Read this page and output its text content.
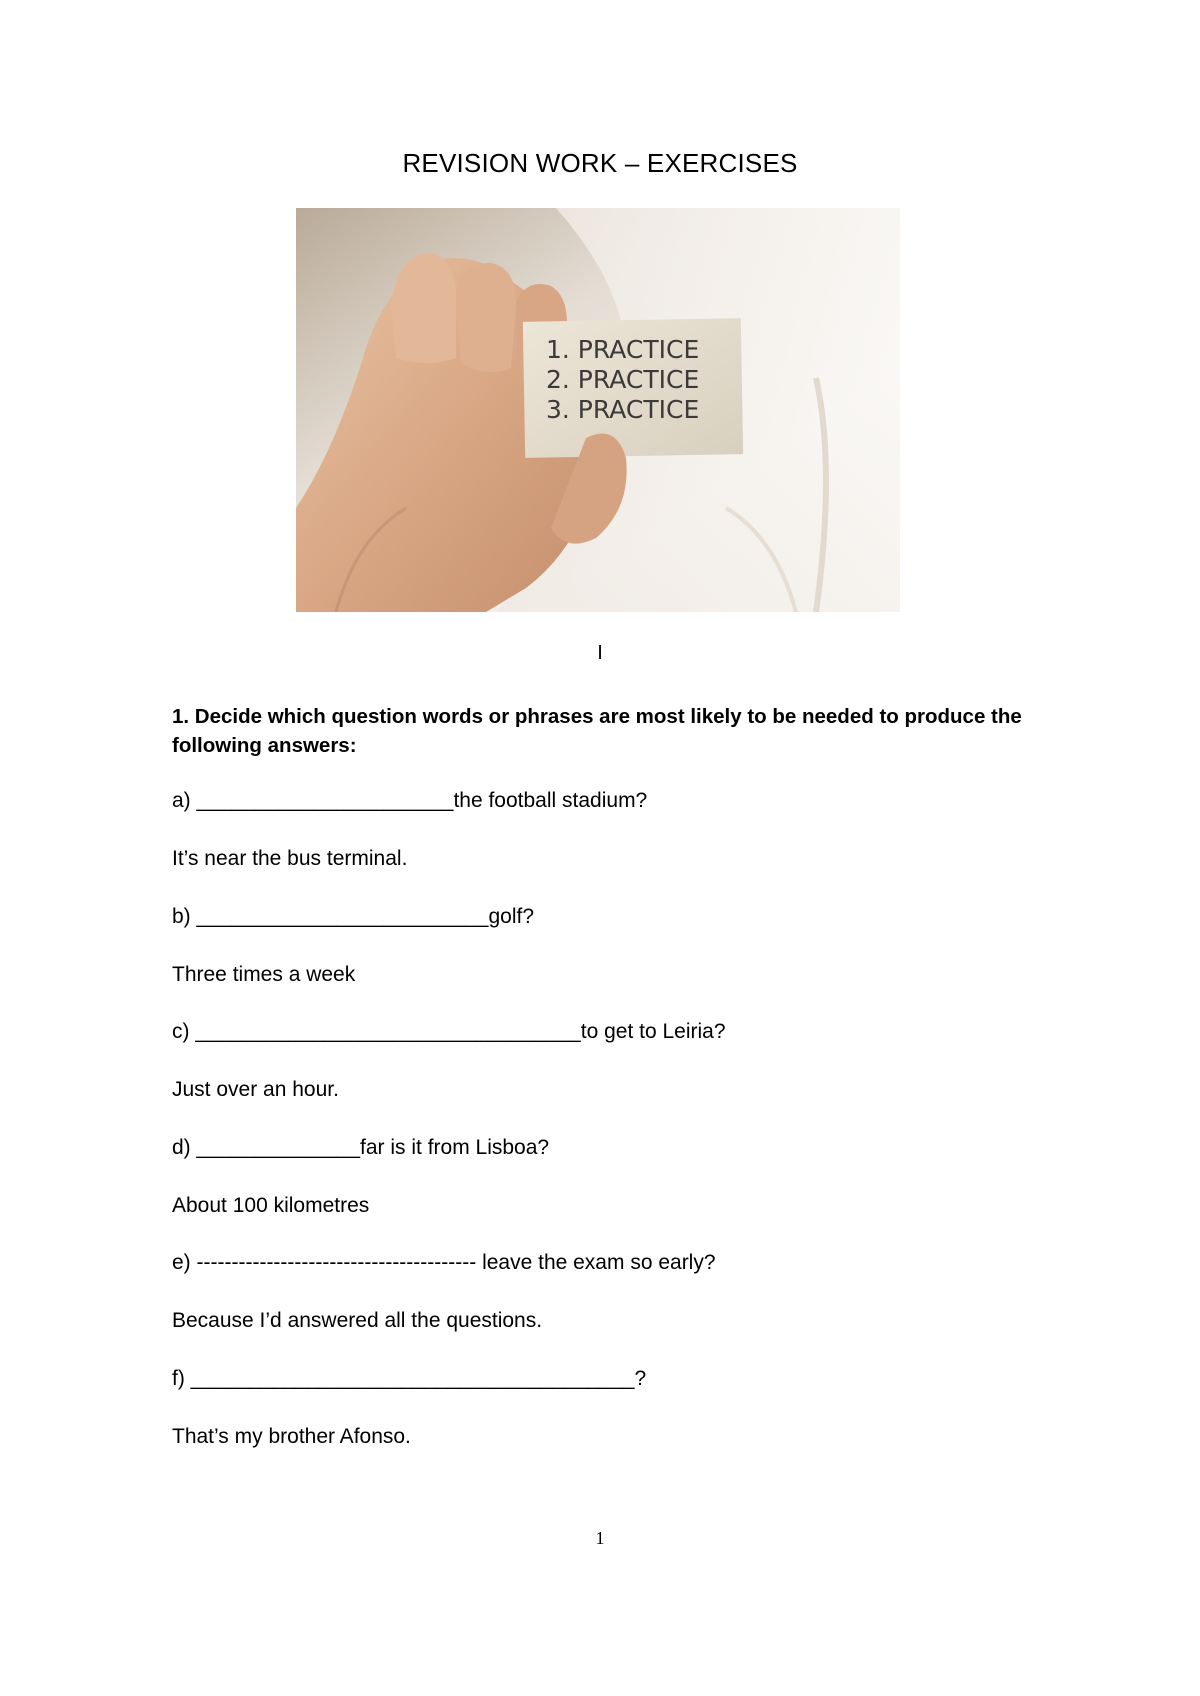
REVISION WORK – EXERCISES
1. PRACTICE
2. PRACTICE
3. PRACTICE
I
1. Decide which question words or phrases are most likely to be needed to produce the following answers:
a) ______________________the football stadium?
It’s near the bus terminal.
b) _________________________golf?
Three times a week
c) _________________________________to get to Leiria?
Just over an hour.
d) ______________far is it from Lisboa?
About 100 kilometres
e) ---------------------------------------- leave the exam so early?
Because I’d answered all the questions.
f) ______________________________________?
That’s my brother Afonso.
1
